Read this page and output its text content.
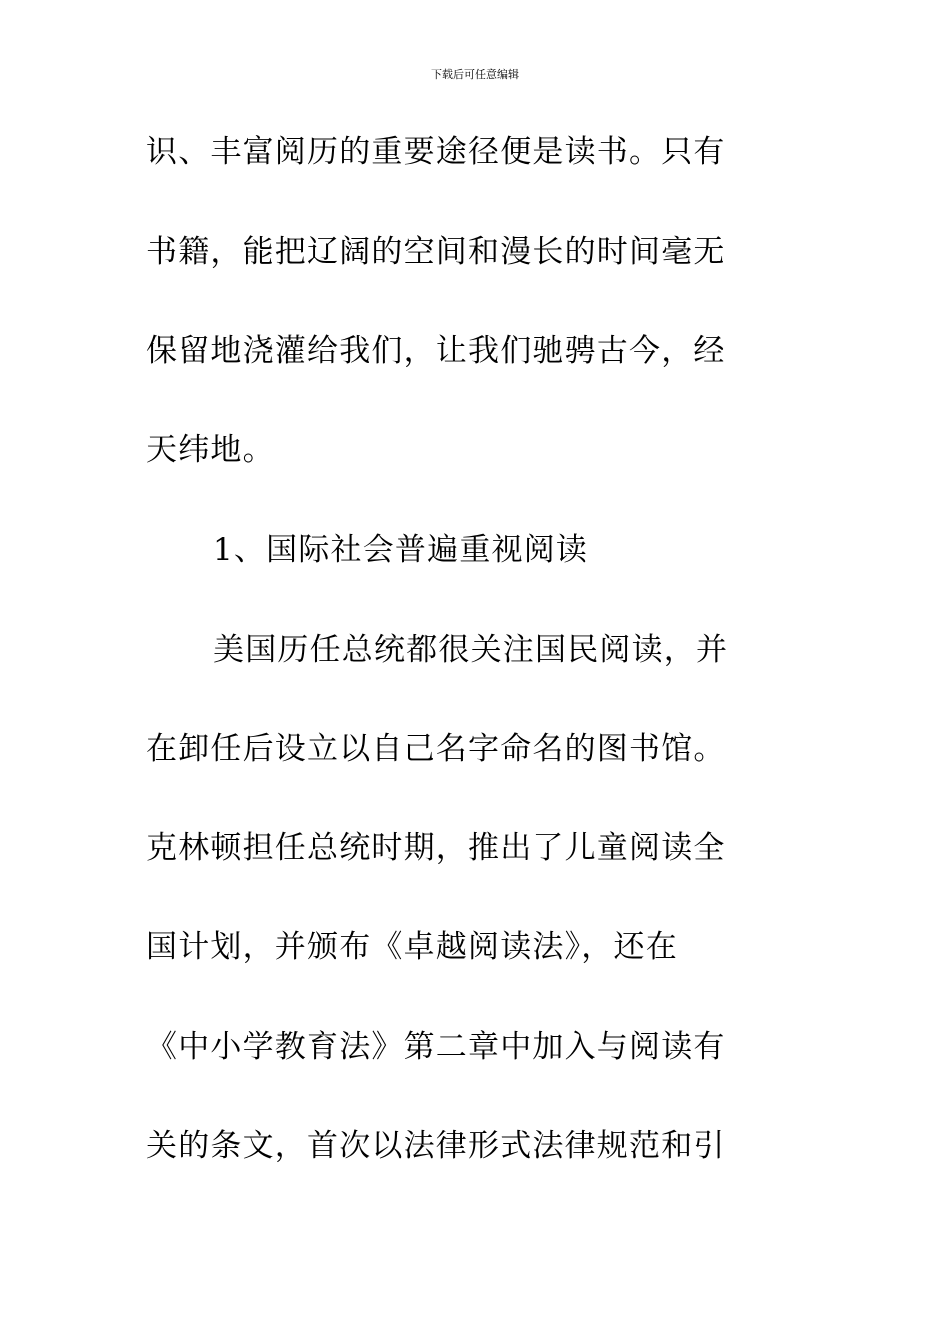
下载后可任意编辑
识、丰富阅历的重要途径便是读书。只有
书籍，能把辽阔的空间和漫长的时间毫无
保留地浇灌给我们，让我们驰骋古今，经
天纬地。
1、国际社会普遍重视阅读
美国历任总统都很关注国民阅读，并
在卸任后设立以自己名字命名的图书馆。
克林顿担任总统时期，推出了儿童阅读全
国计划，并颁布《卓越阅读法》，还在
《中小学教育法》第二章中加入与阅读有
关的条文，首次以法律形式法律规范和引
